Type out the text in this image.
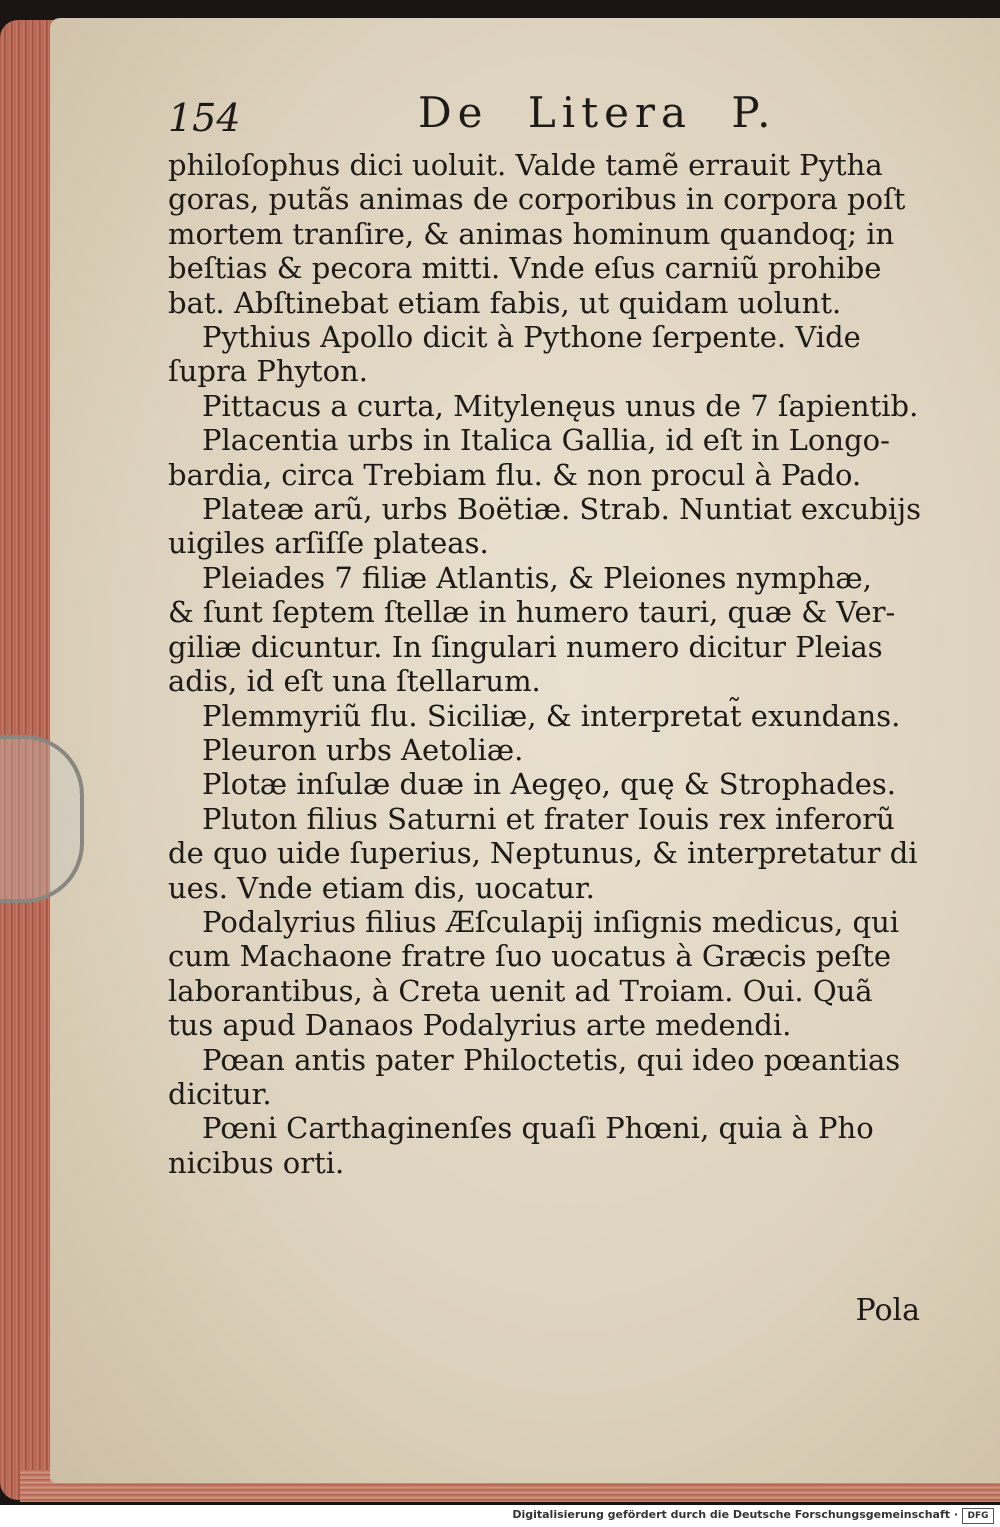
154	De Litera P.
philoſophus dici uoluit. Valde tamẽ errauit Pytha
goras, putãs animas de corporibus in corpora poſt
mortem tranſire, & animas hominum quandoq; in
beſtias & pecora mitti. Vnde eſus carniũ prohibe
bat. Abſtinebat etiam fabis, ut quidam uolunt.
Pythius Apollo dicit à Pythone ſerpente. Vide
ſupra Phyton.
Pittacus a curta, Mitylenęus unus de 7 ſapientib.
Placentia urbs in Italica Gallia, id eſt in Longo-
bardia, circa Trebiam flu. & non procul à Pado.
Plateæ arũ, urbs Boëtiæ. Strab. Nuntiat excubijs
uigiles arſiſſe plateas.
Pleiades 7 filiæ Atlantis, & Pleiones nymphæ,
& ſunt ſeptem ſtellæ in humero tauri, quæ & Ver-
giliæ dicuntur. In ſingulari numero dicitur Pleias
adis, id eſt una ſtellarum.
Plemmyriũ flu. Siciliæ, & interpretat̃ exundans.
Pleuron urbs Aetoliæ.
Plotæ inſulæ duæ in Aegęo, quę & Strophades.
Pluton filius Saturni et frater Iouis rex inferorũ
de quo uide ſuperius, Neptunus, & interpretatur di
ues. Vnde etiam dis, uocatur.
Podalyrius filius Æſculapij inſignis medicus, qui
cum Machaone fratre ſuo uocatus à Græcis peſte
laborantibus, à Creta uenit ad Troiam. Oui. Quã
tus apud Danaos Podalyrius arte medendi.
Pœan antis pater Philoctetis, qui ideo pœantias
dicitur.
Pœni Carthaginenſes quaſi Phœni, quia à Pho
nicibus orti.
Pola
Digitalisierung gefördert durch die Deutsche Forschungsgemeinschaft ·	DFG
